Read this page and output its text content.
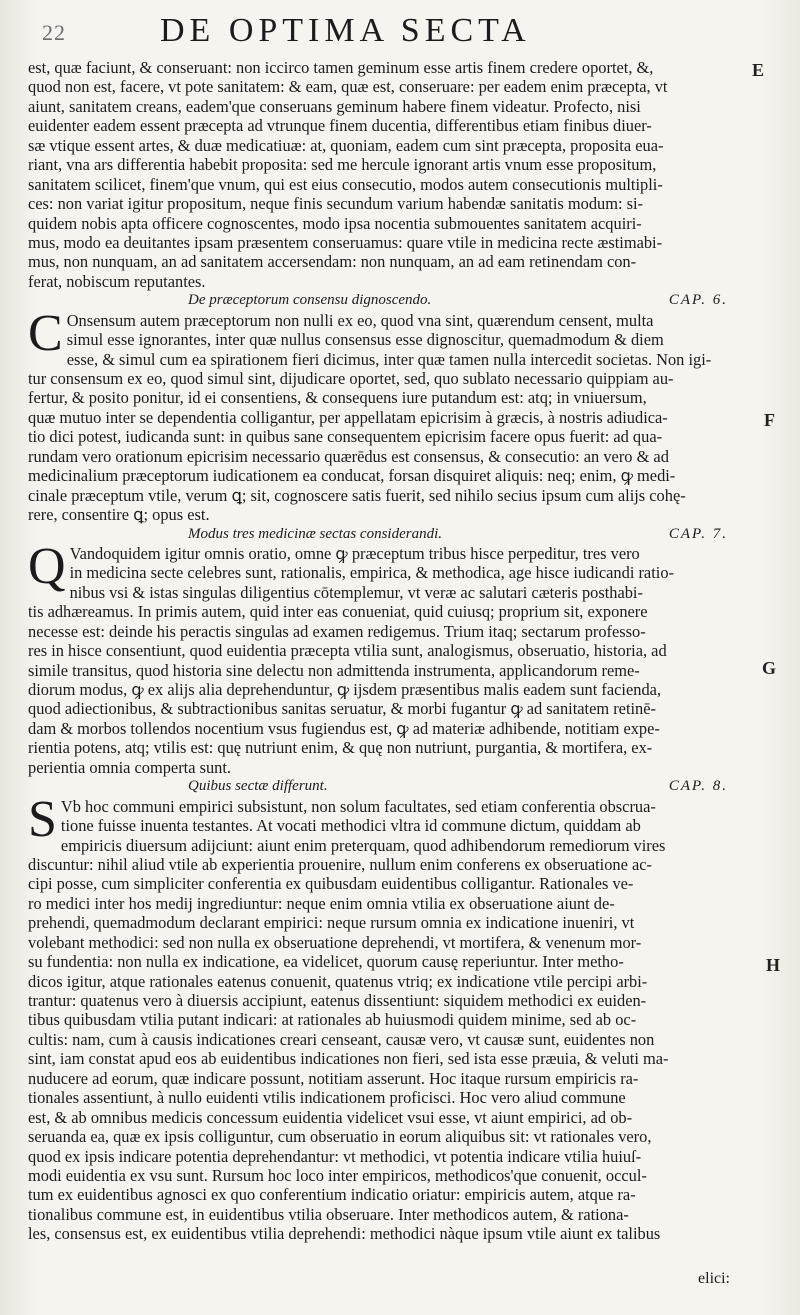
22	DE OPTIMA SECTA
est, quæ faciunt, & conseruant: non iccirco tamen geminum esse artis finem credere oportet, &,
quod non est, facere, vt pote sanitatem: & eam, quæ est, conseruare: per eadem enim præcepta, vt
aiunt, sanitatem creans, eadem'que conseruans geminum habere finem videatur. Profecto, nisi
euidenter eadem essent præcepta ad vtrunque finem ducentia, differentibus etiam finibus diuer-
sæ vtique essent artes, & duæ medicatiuæ: at, quoniam, eadem cum sint præcepta, proposita eua-
riant, vna ars differentia habebit proposita: sed me hercule ignorant artis vnum esse propositum,
sanitatem scilicet, finem'que vnum, qui est eius consecutio, modos autem consecutionis multipli-
ces: non variat igitur propositum, neque finis secundum varium habendæ sanitatis modum: si-
quidem nobis apta officere cognoscentes, modo ipsa nocentia submouentes sanitatem acquiri-
mus, modo ea deuitantes ipsam præsentem conseruamus: quare vtile in medicina recte æstimabi-
mus, non nunquam, an ad sanitatem accersendam: non nunquam, an ad eam retinendam con-
ferat, nobiscum reputantes.
De præceptorum consensu dignoscendo.	CAP. 6.
C Onsensum autem præceptorum non nulli ex eo, quod vna sint, quærendum censent, multa
simul esse ignorantes, inter quæ nullus consensus esse dignoscitur, quemadmodum & diem
esse, & simul cum ea spirationem fieri dicimus, inter quæ tamen nulla intercedit societas. Non igi-
tur consensum ex eo, quod simul sint, dijudicare oportet, sed, quo sublato necessario quippiam au-
fertur, & posito ponitur, id ei consentiens, & consequens iure putandum est: atq; in vniuersum,
quæ mutuo inter se dependentia colligantur, per appellatam epicrisim à græcis, à nostris adiudica-
tio dici potest, iudicanda sunt: in quibus sane consequentem epicrisim facere opus fuerit: ad qua-
rundam vero orationum epicrisim necessario quærēdus est consensus, & consecutio: an vero & ad
medicinalium præceptorum iudicationem ea conducat, forsan disquiret aliquis: neq; enim, ꝙ medi-
cinale præceptum vtile, verum ꝗ; sit, cognoscere satis fuerit, sed nihilo secius ipsum cum alijs cohę-
rere, consentire ꝗ; opus est.
Modus tres medicinæ sectas considerandi.	CAP. 7.
Q Vandoquidem igitur omnis oratio, omne ꝙ præceptum tribus hisce perpeditur, tres vero
in medicina secte celebres sunt, rationalis, empirica, & methodica, age hisce iudicandi ratio-
nibus vsi & istas singulas diligentius cōtemplemur, vt veræ ac salutari cæteris posthabi-
tis adhæreamus. In primis autem, quid inter eas conueniat, quid cuiusq; proprium sit, exponere
necesse est: deinde his peractis singulas ad examen redigemus. Trium itaq; sectarum professo-
res in hisce consentiunt, quod euidentia præcepta vtilia sunt, analogismus, obseruatio, historia, ad
simile transitus, quod historia sine delectu non admittenda instrumenta, applicandorum reme-
diorum modus, ꝙ ex alijs alia deprehenduntur, ꝙ ijsdem præsentibus malis eadem sunt facienda,
quod adiectionibus, & subtractionibus sanitas seruatur, & morbi fugantur ꝙ ad sanitatem retinē-
dam & morbos tollendos nocentium vsus fugiendus est, ꝙ ad materiæ adhibende, notitiam expe-
rientia potens, atq; vtilis est: quę nutriunt enim, & quę non nutriunt, purgantia, & mortifera, ex-
perientia omnia comperta sunt.
Quibus sectæ differunt.	CAP. 8.
S Vb hoc communi empirici subsistunt, non solum facultates, sed etiam conferentia obscrua-
tione fuisse inuenta testantes. At vocati methodici vltra id commune dictum, quiddam ab
empiricis diuersum adijciunt: aiunt enim preterquam, quod adhibendorum remediorum vires
discuntur: nihil aliud vtile ab experientia prouenire, nullum enim conferens ex obseruatione ac-
cipi posse, cum simpliciter conferentia ex quibusdam euidentibus colligantur. Rationales ve-
ro medici inter hos medij ingrediuntur: neque enim omnia vtilia ex obseruatione aiunt de-
prehendi, quemadmodum declarant empirici: neque rursum omnia ex indicatione inueniri, vt
volebant methodici: sed non nulla ex obseruatione deprehendi, vt mortifera, & venenum mor-
su fundentia: non nulla ex indicatione, ea videlicet, quorum causę reperiuntur. Inter metho-
dicos igitur, atque rationales eatenus conuenit, quatenus vtriq; ex indicatione vtile percipi arbi-
trantur: quatenus vero à diuersis accipiunt, eatenus dissentiunt: siquidem methodici ex euiden-
tibus quibusdam vtilia putant indicari: at rationales ab huiusmodi quidem minime, sed ab oc-
cultis: nam, cum à causis indicationes creari censeant, causæ vero, vt causæ sunt, euidentes non
sint, iam constat apud eos ab euidentibus indicationes non fieri, sed ista esse præuia, & veluti ma-
nuducere ad eorum, quæ indicare possunt, notitiam asserunt. Hoc itaque rursum empiricis ra-
tionales assentiunt, à nullo euidenti vtilis indicationem proficisci. Hoc vero aliud commune
est, & ab omnibus medicis concessum euidentia videlicet vsui esse, vt aiunt empirici, ad ob-
seruanda ea, quæ ex ipsis colliguntur, cum obseruatio in eorum aliquibus sit: vt rationales vero,
quod ex ipsis indicare potentia deprehendantur: vt methodici, vt potentia indicare vtilia huiuſ-
modi euidentia ex vsu sunt. Rursum hoc loco inter empiricos, methodicos'que conuenit, occul-
tum ex euidentibus agnosci ex quo conferentium indicatio oriatur: empiricis autem, atque ra-
tionalibus commune est, in euidentibus vtilia obseruare. Inter methodicos autem, & rationa-
les, consensus est, ex euidentibus vtilia deprehendi: methodici nàque ipsum vtile aiunt ex talibus
E
F
G
H
elici:
